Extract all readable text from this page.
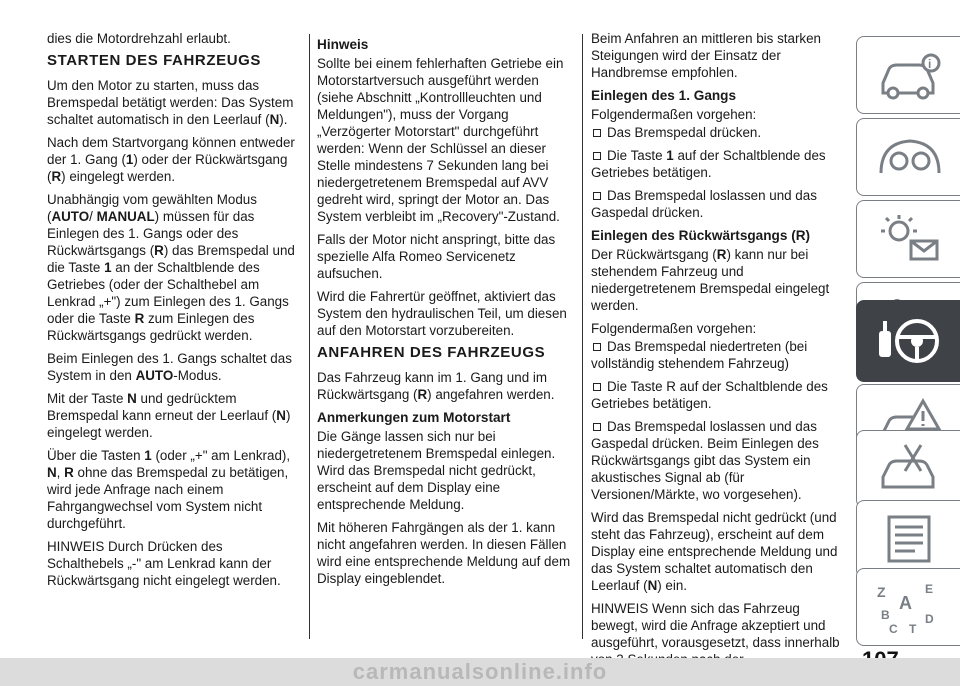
dies die Motordrehzahl erlaubt.

STARTEN DES FAHRZEUGS

Um den Motor zu starten, muss das Bremspedal betätigt werden: Das System schaltet automatisch in den Leerlauf (N).

Nach dem Startvorgang können entweder der 1. Gang (1) oder der Rückwärtsgang (R) eingelegt werden.

Unabhängig vom gewählten Modus (AUTO/ MANUAL) müssen für das Einlegen des 1. Gangs oder des Rückwärtsgangs (R) das Bremspedal und die Taste 1 an der Schaltblende des Getriebes (oder der Schalthebel am Lenkrad „+") zum Einlegen des 1. Gangs oder die Taste R zum Einlegen des Rückwärtsgangs gedrückt werden.

Beim Einlegen des 1. Gangs schaltet das System in den AUTO-Modus.

Mit der Taste N und gedrücktem Bremspedal kann erneut der Leerlauf (N) eingelegt werden.

Über die Tasten 1 (oder „+" am Lenkrad), N, R ohne das Bremspedal zu betätigen, wird jede Anfrage nach einem Fahrgangwechsel vom System nicht durchgeführt.

HINWEIS Durch Drücken des Schalthebels „-" am Lenkrad kann der Rückwärtsgang nicht eingelegt werden.

Hinweis

Sollte bei einem fehlerhaften Getriebe ein Motorstartversuch ausgeführt werden (siehe Abschnitt „Kontrollleuchten und Meldungen"), muss der Vorgang „Verzögerter Motorstart" durchgeführt werden: Wenn der Schlüssel an dieser Stelle mindestens 7 Sekunden lang bei niedergetretenem Bremspedal auf AVV gedreht wird, springt der Motor an. Das System verbleibt im „Recovery"-Zustand.

Falls der Motor nicht anspringt, bitte das spezielle Alfa Romeo Servicenetz aufsuchen.

Wird die Fahrertür geöffnet, aktiviert das System den hydraulischen Teil, um diesen auf den Motorstart vorzubereiten.

ANFAHREN DES FAHRZEUGS

Das Fahrzeug kann im 1. Gang und im Rückwärtsgang (R) angefahren werden.

Anmerkungen zum Motorstart

Die Gänge lassen sich nur bei niedergetretenem Bremspedal einlegen. Wird das Bremspedal nicht gedrückt, erscheint auf dem Display eine entsprechende Meldung.

Mit höheren Fahrgängen als der 1. kann nicht angefahren werden. In diesen Fällen wird eine entsprechende Meldung auf dem Display eingeblendet.

Beim Anfahren an mittleren bis starken Steigungen wird der Einsatz der Handbremse empfohlen.

Einlegen des 1. Gangs

Folgendermaßen vorgehen:

Das Bremspedal drücken.

Die Taste 1 auf der Schaltblende des Getriebes betätigen.

Das Bremspedal loslassen und das Gaspedal drücken.

Einlegen des Rückwärtsgangs (R)

Der Rückwärtsgang (R) kann nur bei stehendem Fahrzeug und niedergetretenem Bremspedal eingelegt werden.

Folgendermaßen vorgehen:

Das Bremspedal niedertreten (bei vollständig stehendem Fahrzeug)

Die Taste R auf der Schaltblende des Getriebes betätigen.

Das Bremspedal loslassen und das Gaspedal drücken. Beim Einlegen des Rückwärtsgangs gibt das System ein akustisches Signal ab (für Versionen/Märkte, wo vorgesehen).

Wird das Bremspedal nicht gedrückt (und steht das Fahrzeug), erscheint auf dem Display eine entsprechende Meldung und das System schaltet automatisch den Leerlauf (N) ein.

HINWEIS Wenn sich das Fahrzeug bewegt, wird die Anfrage akzeptiert und ausgeführt, vorausgesetzt, dass innerhalb

i
Z	E
A
B	D
C T
carmanualsonline.info
